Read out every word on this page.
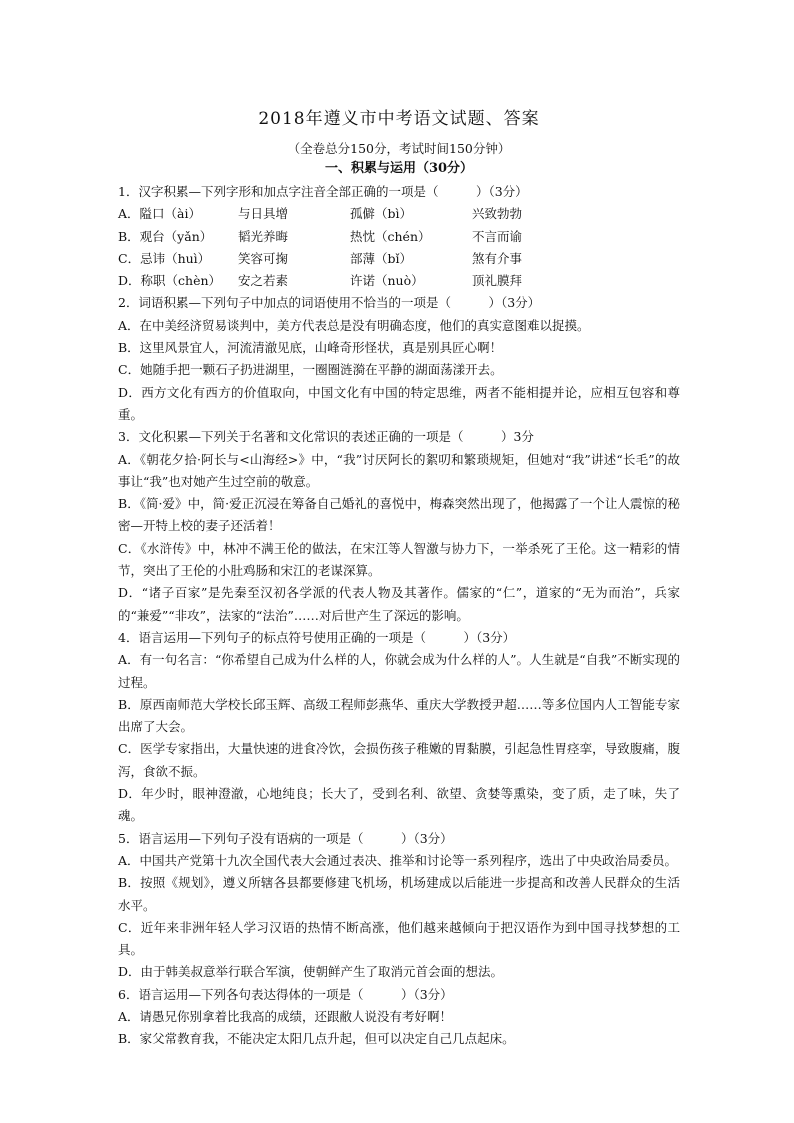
2018年遵义市中考语文试题、答案

（全卷总分150分，考试时间150分钟）

一、积累与运用（30分）

1．汉字积累—下列字形和加点字注音全部正确的一项是（　　　）（3分）

A．隘口（ài）	与日具增	孤僻（bì）	兴致勃勃
B．观台（yǎn）	韬光养晦	热忱（chén）	不言而谕
C．忌讳（huì）	笑容可掬	部薄（bǐ）	煞有介事
D．称职（chèn）	安之若素	许诺（nuò）	顶礼膜拜

2．词语积累—下列句子中加点的词语使用不恰当的一项是（　　　）（3分）

A．在中美经济贸易谈判中，美方代表总是没有明确态度，他们的真实意图难以捉摸。

B．这里风景宜人，河流清澈见底，山峰奇形怪状，真是别具匠心啊！

C．她随手把一颗石子扔进湖里，一圈圈涟漪在平静的湖面荡漾开去。

D．西方文化有西方的价值取向，中国文化有中国的特定思维，两者不能相提并论，应相互包容和尊重。

3．文化积累—下列关于名著和文化常识的表述正确的一项是（　　　）3分

A．《朝花夕拾·阿长与<山海经>》中，“我”讨厌阿长的絮叨和繁琐规矩，但她对“我”讲述“长毛”的故事让“我”也对她产生过空前的敬意。

B．《简·爱》中，简·爱正沉浸在筹备自己婚礼的喜悦中，梅森突然出现了，他揭露了一个让人震惊的秘密—开特上校的妻子还活着！

C．《水浒传》中，林冲不满王伦的做法，在宋江等人智激与协力下，一举杀死了王伦。这一精彩的情节，突出了王伦的小肚鸡肠和宋江的老谋深算。

D．“诸子百家”是先秦至汉初各学派的代表人物及其著作。儒家的“仁”，道家的“无为而治”，兵家的“兼爱”“非攻”，法家的“法治”……对后世产生了深远的影响。

4．语言运用—下列句子的标点符号使用正确的一项是（　　　）（3分）

A．有一句名言：“你希望自己成为什么样的人，你就会成为什么样的人”。人生就是“自我”不断实现的过程。

B．原西南师范大学校长邱玉辉、高级工程师彭燕华、重庆大学教授尹超……等多位国内人工智能专家出席了大会。

C．医学专家指出，大量快速的进食冷饮，会损伤孩子稚嫩的胃黏膜，引起急性胃痉挛，导致腹痛，腹泻，食欲不振。

D．年少时，眼神澄澈，心地纯良；长大了，受到名利、欲望、贪婪等熏染，变了质，走了味，失了魂。

5．语言运用—下列句子没有语病的一项是（　　　）（3分）

A．中国共产党第十九次全国代表大会通过表决、推举和讨论等一系列程序，选出了中央政治局委员。

B．按照《规划》，遵义所辖各县都要修建飞机场，机场建成以后能进一步提高和改善人民群众的生活水平。

C．近年来非洲年轻人学习汉语的热情不断高涨，他们越来越倾向于把汉语作为到中国寻找梦想的工具。

D．由于韩美叔意举行联合军演，使朝鲜产生了取消元首会面的想法。

6．语言运用—下列各句表达得体的一项是（　　　）（3分）

A．请愚兄你别拿着比我高的成绩，还跟敝人说没有考好啊！

B．家父常教育我，不能决定太阳几点升起，但可以决定自己几点起床。
